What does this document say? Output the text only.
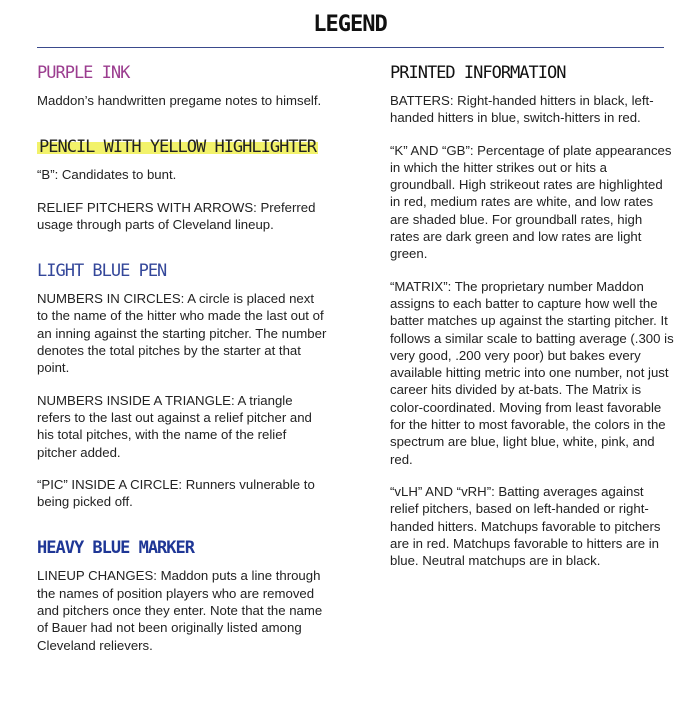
LEGEND
PURPLE INK

Maddon’s handwritten pregame notes to himself.

PENCIL WITH YELLOW HIGHLIGHTER

“B”: Candidates to bunt.

RELIEF PITCHERS WITH ARROWS: Preferred usage through parts of Cleveland lineup.

LIGHT BLUE PEN

NUMBERS IN CIRCLES: A circle is placed next to the name of the hitter who made the last out of an inning against the starting pitcher. The number denotes the total pitches by the starter at that point.

NUMBERS INSIDE A TRIANGLE: A triangle refers to the last out against a relief pitcher and his total pitches, with the name of the relief pitcher added.

“PIC” INSIDE A CIRCLE: Runners vulnerable to being picked off.

HEAVY BLUE MARKER

LINEUP CHANGES: Maddon puts a line through the names of position players who are removed and pitchers once they enter. Note that the name of Bauer had not been originally listed among Cleveland relievers.

PRINTED INFORMATION

BATTERS: Right-handed hitters in black, left-handed hitters in blue, switch-hitters in red.

“K” AND “GB”: Percentage of plate appearances in which the hitter strikes out or hits a groundball. High strikeout rates are highlighted in red, medium rates are white, and low rates are shaded blue. For groundball rates, high rates are dark green and low rates are light green.

“MATRIX”: The proprietary number Maddon assigns to each batter to capture how well the batter matches up against the starting pitcher. It follows a similar scale to batting average (.300 is very good, .200 very poor) but bakes every available hitting metric into one number, not just career hits divided by at-bats. The Matrix is color-coordinated. Moving from least favorable for the hitter to most favorable, the colors in the spectrum are blue, light blue, white, pink, and red.

“vLH” AND “vRH”: Batting averages against relief pitchers, based on left-handed or right-handed hitters. Matchups favorable to pitchers are in red. Matchups favorable to hitters are in blue. Neutral matchups are in black.
